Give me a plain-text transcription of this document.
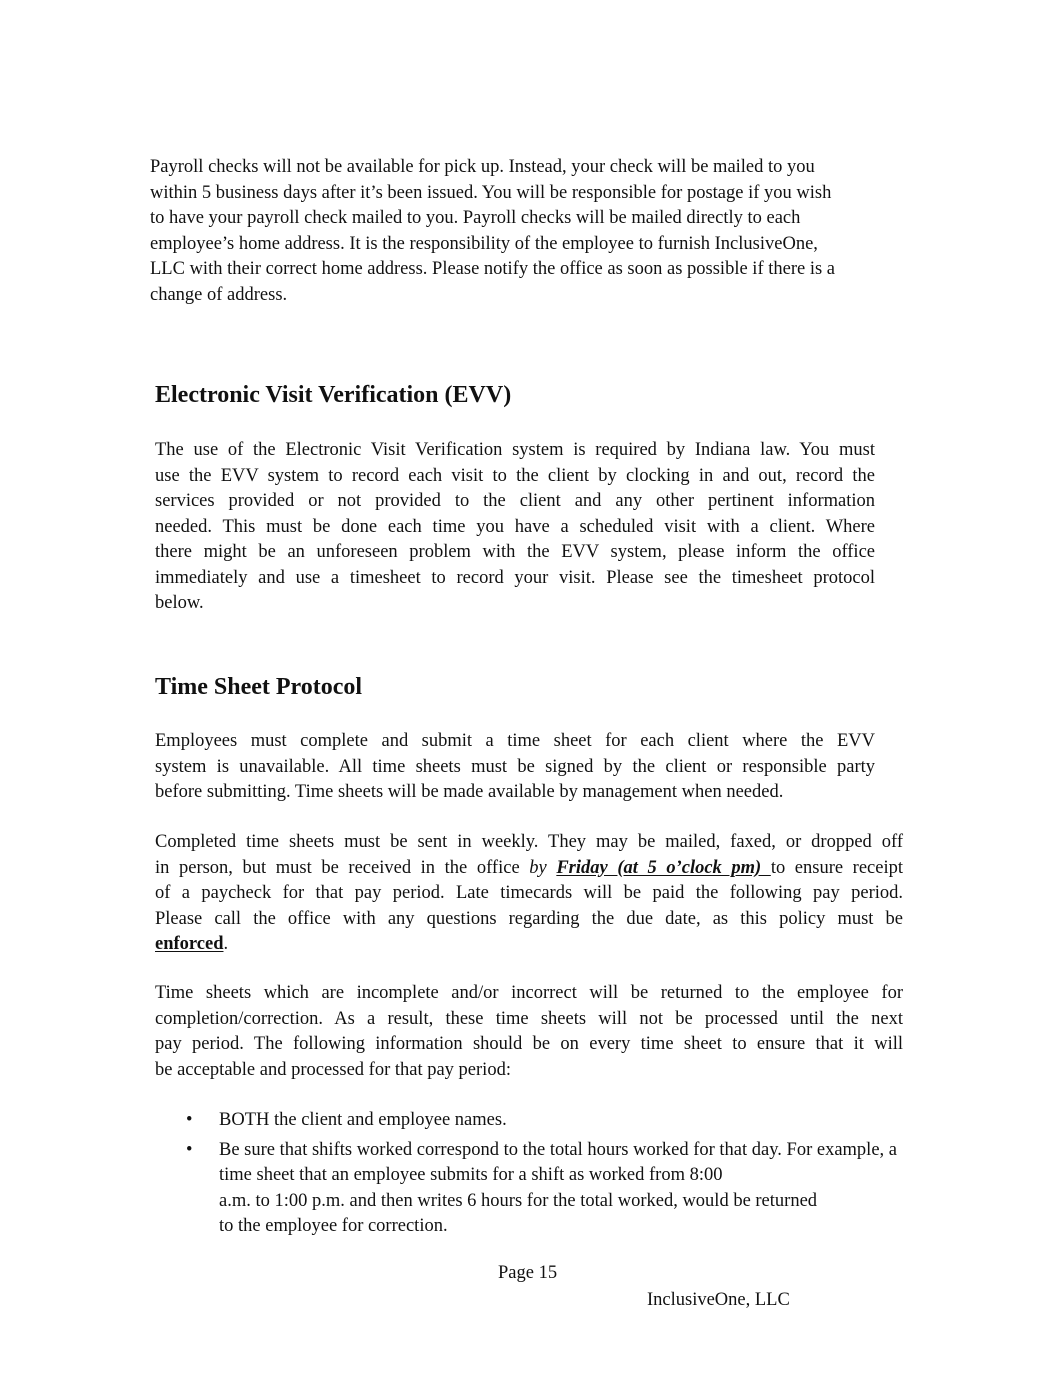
Payroll checks will not be available for pick up. Instead, your check will be mailed to you
within 5 business days after it’s been issued. You will be responsible for postage if you wish
to have your payroll check mailed to you. Payroll checks will be mailed directly to each
employee’s home address. It is the responsibility of the employee to furnish InclusiveOne,
LLC with their correct home address. Please notify the office as soon as possible if there is a
change of address.
Electronic Visit Verification (EVV)
The use of the Electronic Visit Verification system is required by Indiana law. You must
use the EVV system to record each visit to the client by clocking in and out, record the
services provided or not provided to the client and any other pertinent information
needed. This must be done each time you have a scheduled visit with a client. Where
there might be an unforeseen problem with the EVV system, please inform the office
immediately and use a timesheet to record your visit. Please see the timesheet protocol
below.
Time Sheet Protocol
Employees must complete and submit a time sheet for each client where the EVV
system is unavailable. All time sheets must be signed by the client or responsible party
before submitting. Time sheets will be made available by management when needed.
Completed time sheets must be sent in weekly. They may be mailed, faxed, or dropped off
in person, but must be received in the office by Friday (at 5 o’clock pm) to ensure receipt
of a paycheck for that pay period. Late timecards will be paid the following pay period.
Please call the office with any questions regarding the due date, as this policy must be
enforced.
Time sheets which are incomplete and/or incorrect will be returned to the employee for
completion/correction. As a result, these time sheets will not be processed until the next
pay period. The following information should be on every time sheet to ensure that it will
be acceptable and processed for that pay period:
• BOTH the client and employee names.
• Be sure that shifts worked correspond to the total hours worked for that day. For example, a
time sheet that an employee submits for a shift as worked from 8:00
a.m. to 1:00 p.m. and then writes 6 hours for the total worked, would be returned
to the employee for correction.
Page 15
InclusiveOne, LLC
